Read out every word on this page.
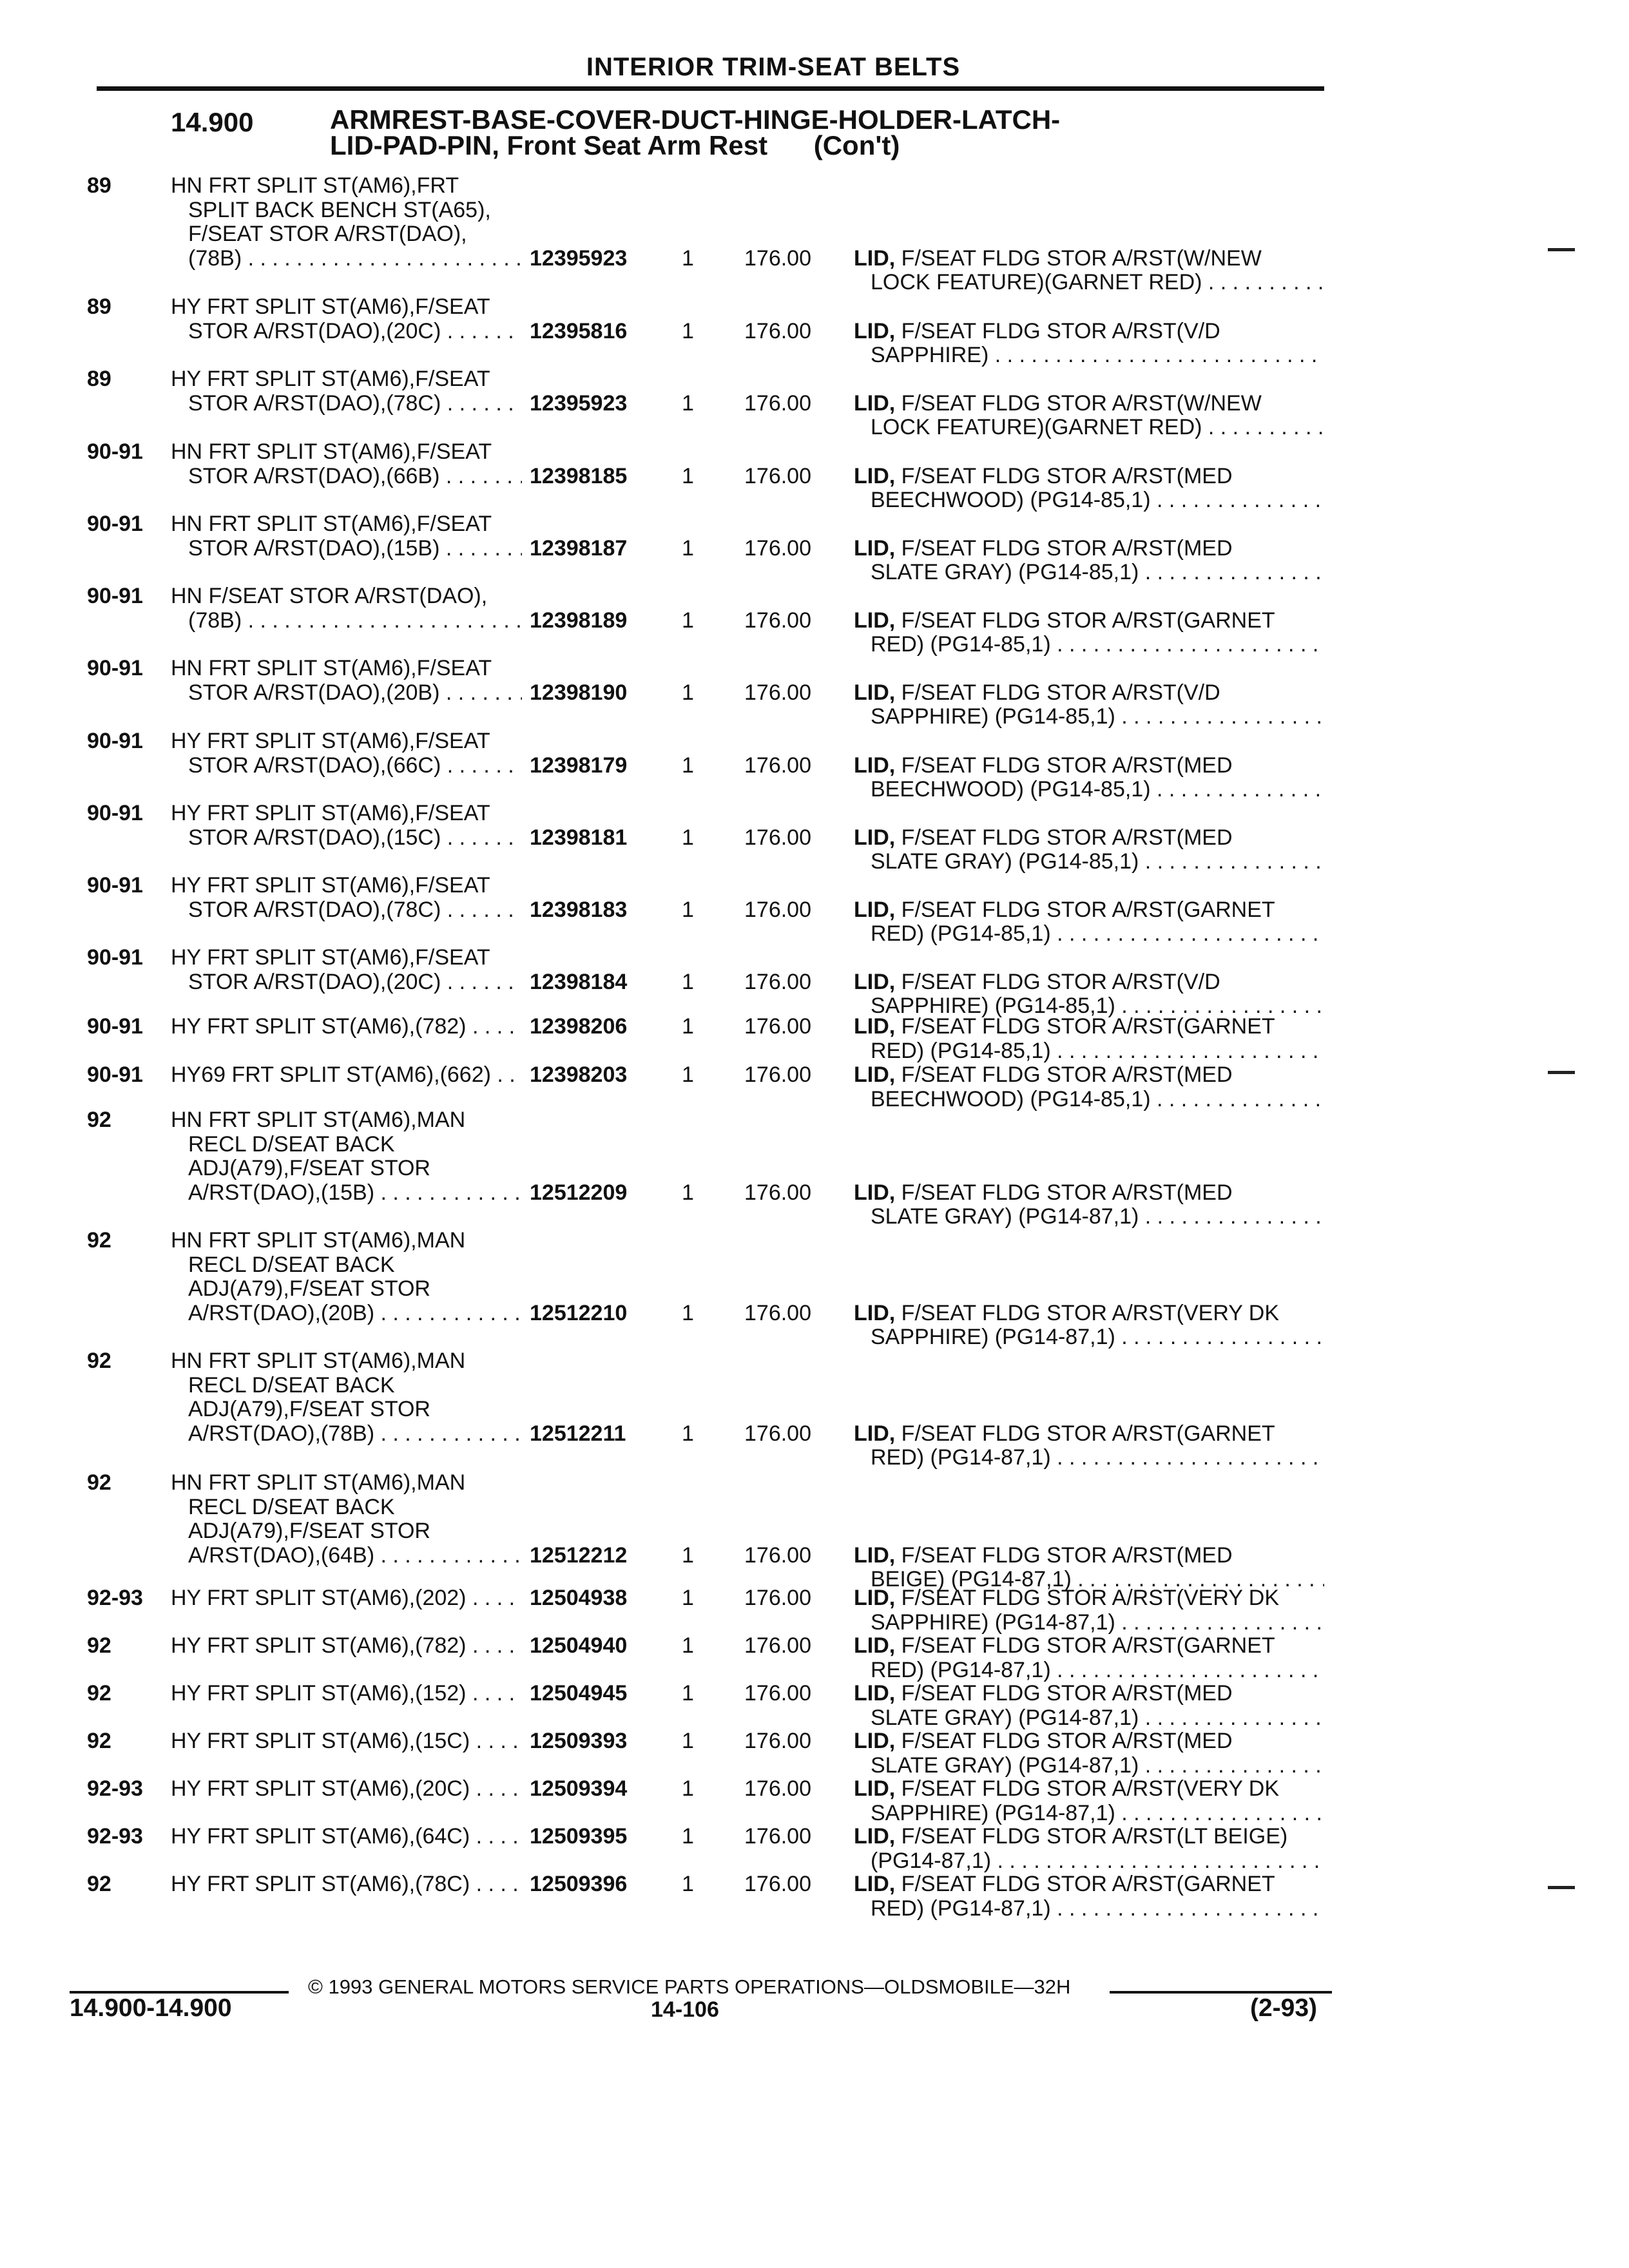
INTERIOR TRIM-SEAT BELTS
14.900	ARMREST-BASE-COVER-DUCT-HINGE-HOLDER-LATCH-
LID-PAD-PIN, Front Seat Arm Rest (Con't)
89	HN FRT SPLIT ST(AM6),FRT
SPLIT BACK BENCH ST(A65),
F/SEAT STOR A/RST(DAO),
(78B) . . .	12395923 1 176.00 LID, F/SEAT FLDG STOR A/RST(W/NEW
LOCK FEATURE)(GARNET RED) . . .
89	HY FRT SPLIT ST(AM6),F/SEAT
STOR A/RST(DAO),(20C) . . .	12395816 1 176.00 LID, F/SEAT FLDG STOR A/RST(V/D
SAPPHIRE) . . .
89	HY FRT SPLIT ST(AM6),F/SEAT
STOR A/RST(DAO),(78C) . . .	12395923 1 176.00 LID, F/SEAT FLDG STOR A/RST(W/NEW
LOCK FEATURE)(GARNET RED) . . .
90-91 HN FRT SPLIT ST(AM6),F/SEAT
STOR A/RST(DAO),(66B) . . .	12398185 1 176.00 LID, F/SEAT FLDG STOR A/RST(MED
BEECHWOOD) (PG14-85,1) . . .
90-91 HN FRT SPLIT ST(AM6),F/SEAT
STOR A/RST(DAO),(15B) . . .	12398187 1 176.00 LID, F/SEAT FLDG STOR A/RST(MED
SLATE GRAY) (PG14-85,1) . . .
90-91 HN F/SEAT STOR A/RST(DAO),
(78B) . . .	12398189 1 176.00 LID, F/SEAT FLDG STOR A/RST(GARNET
RED) (PG14-85,1) . . .
90-91 HN FRT SPLIT ST(AM6),F/SEAT
STOR A/RST(DAO),(20B) . . .	12398190 1 176.00 LID, F/SEAT FLDG STOR A/RST(V/D
SAPPHIRE) (PG14-85,1) . . .
90-91 HY FRT SPLIT ST(AM6),F/SEAT
STOR A/RST(DAO),(66C) . . .	12398179 1 176.00 LID, F/SEAT FLDG STOR A/RST(MED
BEECHWOOD) (PG14-85,1) . . .
90-91 HY FRT SPLIT ST(AM6),F/SEAT
STOR A/RST(DAO),(15C) . . .	12398181 1 176.00 LID, F/SEAT FLDG STOR A/RST(MED
SLATE GRAY) (PG14-85,1) . . .
90-91 HY FRT SPLIT ST(AM6),F/SEAT
STOR A/RST(DAO),(78C) . . .	12398183 1 176.00 LID, F/SEAT FLDG STOR A/RST(GARNET
RED) (PG14-85,1) . . .
90-91 HY FRT SPLIT ST(AM6),F/SEAT
STOR A/RST(DAO),(20C) . . .	12398184 1 176.00 LID, F/SEAT FLDG STOR A/RST(V/D
SAPPHIRE) (PG14-85,1) . . .
90-91 HY FRT SPLIT ST(AM6),(782) . . .	12398206 1 176.00 LID, F/SEAT FLDG STOR A/RST(GARNET
RED) (PG14-85,1) . . .
90-91 HY69 FRT SPLIT ST(AM6),(662) . . .	12398203 1 176.00 LID, F/SEAT FLDG STOR A/RST(MED
BEECHWOOD) (PG14-85,1) . . .
92	HN FRT SPLIT ST(AM6),MAN
RECL D/SEAT BACK
ADJ(A79),F/SEAT STOR
A/RST(DAO),(15B) . . .	12512209 1 176.00 LID, F/SEAT FLDG STOR A/RST(MED
SLATE GRAY) (PG14-87,1) . . .
92	HN FRT SPLIT ST(AM6),MAN
RECL D/SEAT BACK
ADJ(A79),F/SEAT STOR
A/RST(DAO),(20B) . . .	12512210 1 176.00 LID, F/SEAT FLDG STOR A/RST(VERY DK
SAPPHIRE) (PG14-87,1) . . .
92	HN FRT SPLIT ST(AM6),MAN
RECL D/SEAT BACK
ADJ(A79),F/SEAT STOR
A/RST(DAO),(78B) . . .	12512211	1 176.00 LID, F/SEAT FLDG STOR A/RST(GARNET
RED) (PG14-87,1) . . .
92	HN FRT SPLIT ST(AM6),MAN
RECL D/SEAT BACK
ADJ(A79),F/SEAT STOR
A/RST(DAO),(64B) . . .	12512212 1 176.00 LID, F/SEAT FLDG STOR A/RST(MED
BEIGE) (PG14-87,1) . . .
92-93 HY FRT SPLIT ST(AM6),(202) . . .	12504938 1 176.00 LID, F/SEAT FLDG STOR A/RST(VERY DK
SAPPHIRE) (PG14-87,1) . . .
92	HY FRT SPLIT ST(AM6),(782) . . .	12504940 1 176.00 LID, F/SEAT FLDG STOR A/RST(GARNET
RED) (PG14-87,1) . . .
92	HY FRT SPLIT ST(AM6),(152) . . .	12504945 1 176.00 LID, F/SEAT FLDG STOR A/RST(MED
SLATE GRAY) (PG14-87,1) . . .
92	HY FRT SPLIT ST(AM6),(15C) . . .	12509393 1 176.00 LID, F/SEAT FLDG STOR A/RST(MED
SLATE GRAY) (PG14-87,1) . . .
92-93 HY FRT SPLIT ST(AM6),(20C) . . .	12509394 1 176.00 LID, F/SEAT FLDG STOR A/RST(VERY DK
SAPPHIRE) (PG14-87,1) . . .
92-93 HY FRT SPLIT ST(AM6),(64C) . . .	12509395 1 176.00 LID, F/SEAT FLDG STOR A/RST(LT BEIGE)
(PG14-87,1) . . .
92	HY FRT SPLIT ST(AM6),(78C) . . .	12509396 1 176.00 LID, F/SEAT FLDG STOR A/RST(GARNET
RED) (PG14-87,1) . . .
© 1993 GENERAL MOTORS SERVICE PARTS OPERATIONS—OLDSMOBILE—32H
14.900-14.900	14-106	(2-93)
